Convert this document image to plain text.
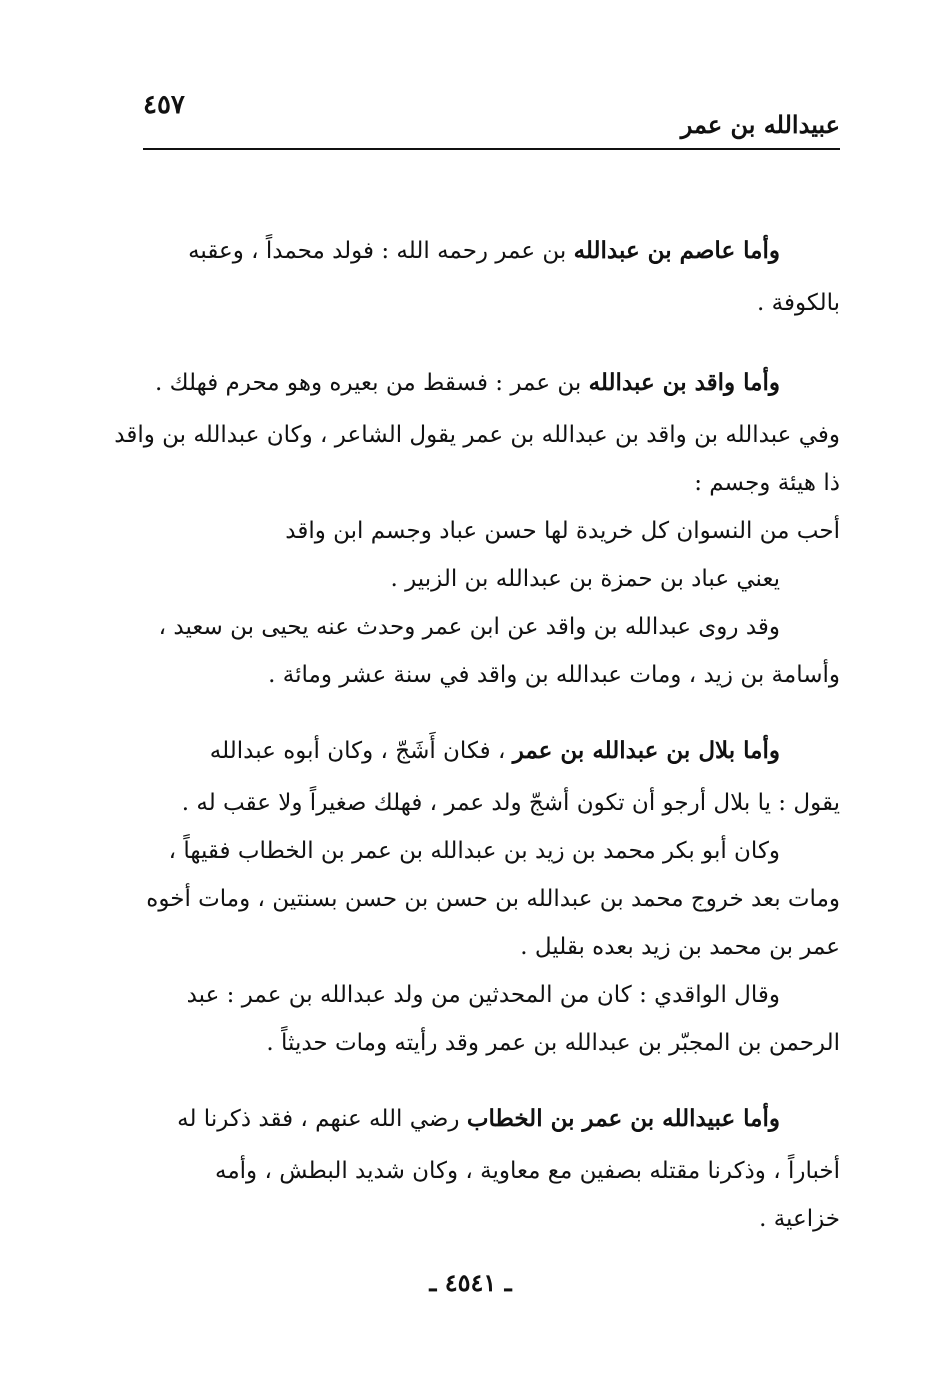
عبيدالله بن عمر
٤٥٧

وأما عاصم بن عبدالله بن عمر رحمه الله : فولد محمداً ، وعقبه
بالكوفة .

وأما واقد بن عبدالله بن عمر : فسقط من بعيره وهو محرم فهلك .
وفي عبدالله بن واقد بن عبدالله بن عمر يقول الشاعر ، وكان عبدالله بن واقد
ذا هيئة وجسم :
أحب من النسوان كل خريدة لها حسن عباد وجسم ابن واقد
يعني عباد بن حمزة بن عبدالله بن الزبير .
وقد روى عبدالله بن واقد عن ابن عمر وحدث عنه يحيى بن سعيد ،
وأسامة بن زيد ، ومات عبدالله بن واقد في سنة عشر ومائة .

وأما بلال بن عبدالله بن عمر ، فكان أَشَجّ ، وكان أبوه عبدالله
يقول : يا بلال أرجو أن تكون أشجّ ولد عمر ، فهلك صغيراً ولا عقب له .
وكان أبو بكر محمد بن زيد بن عبدالله بن عمر بن الخطاب فقيهاً ،
ومات بعد خروج محمد بن عبدالله بن حسن بن حسن بسنتين ، ومات أخوه
عمر بن محمد بن زيد بعده بقليل .
وقال الواقدي : كان من المحدثين من ولد عبدالله بن عمر : عبد
الرحمن بن المجبّر بن عبدالله بن عمر وقد رأيته ومات حديثاً .

وأما عبيدالله بن عمر بن الخطاب رضي الله عنهم ، فقد ذكرنا له
أخباراً ، وذكرنا مقتله بصفين مع معاوية ، وكان شديد البطش ، وأمه
خزاعية .

ـ ٤٥٤١ ـ
